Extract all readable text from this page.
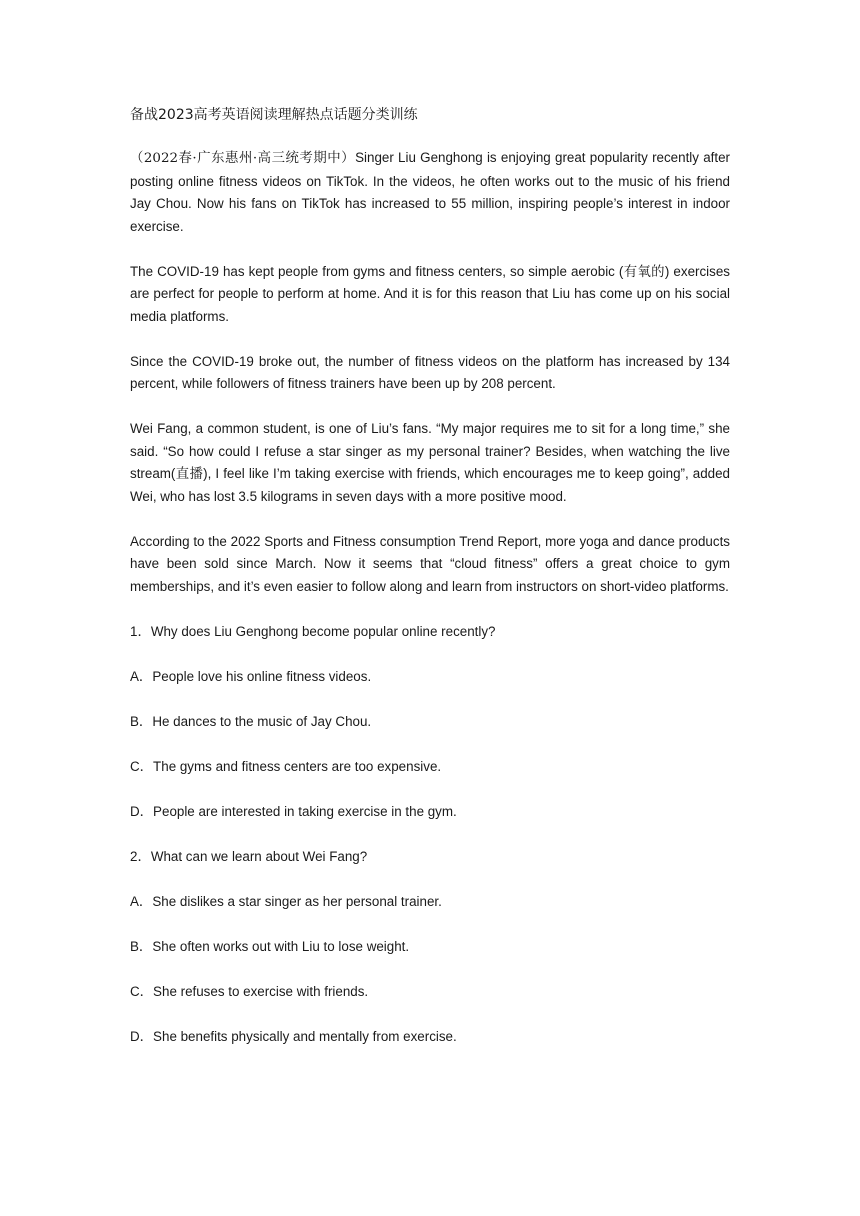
备战2023高考英语阅读理解热点话题分类训练
（2022春·广东惠州·高三统考期中）Singer Liu Genghong is enjoying great popularity recently after posting online fitness videos on TikTok. In the videos, he often works out to the music of his friend Jay Chou. Now his fans on TikTok has increased to 55 million, inspiring people’s interest in indoor exercise.
The COVID-19 has kept people from gyms and fitness centers, so simple aerobic (有氧的) exercises are perfect for people to perform at home. And it is for this reason that Liu has come up on his social media platforms.
Since the COVID-19 broke out, the number of fitness videos on the platform has increased by 134 percent, while followers of fitness trainers have been up by 208 percent.
Wei Fang, a common student, is one of Liu’s fans. “My major requires me to sit for a long time,” she said. “So how could I refuse a star singer as my personal trainer? Besides, when watching the live stream(直播), I feel like I’m taking exercise with friends, which encourages me to keep going”, added Wei, who has lost 3.5 kilograms in seven days with a more positive mood.
According to the 2022 Sports and Fitness consumption Trend Report, more yoga and dance products have been sold since March. Now it seems that “cloud fitness” offers a great choice to gym memberships, and it’s even easier to follow along and learn from instructors on short-video platforms.
1．Why does Liu Genghong become popular online recently?
A．People love his online fitness videos.
B．He dances to the music of Jay Chou.
C．The gyms and fitness centers are too expensive.
D．People are interested in taking exercise in the gym.
2．What can we learn about Wei Fang?
A．She dislikes a star singer as her personal trainer.
B．She often works out with Liu to lose weight.
C．She refuses to exercise with friends.
D．She benefits physically and mentally from exercise.
